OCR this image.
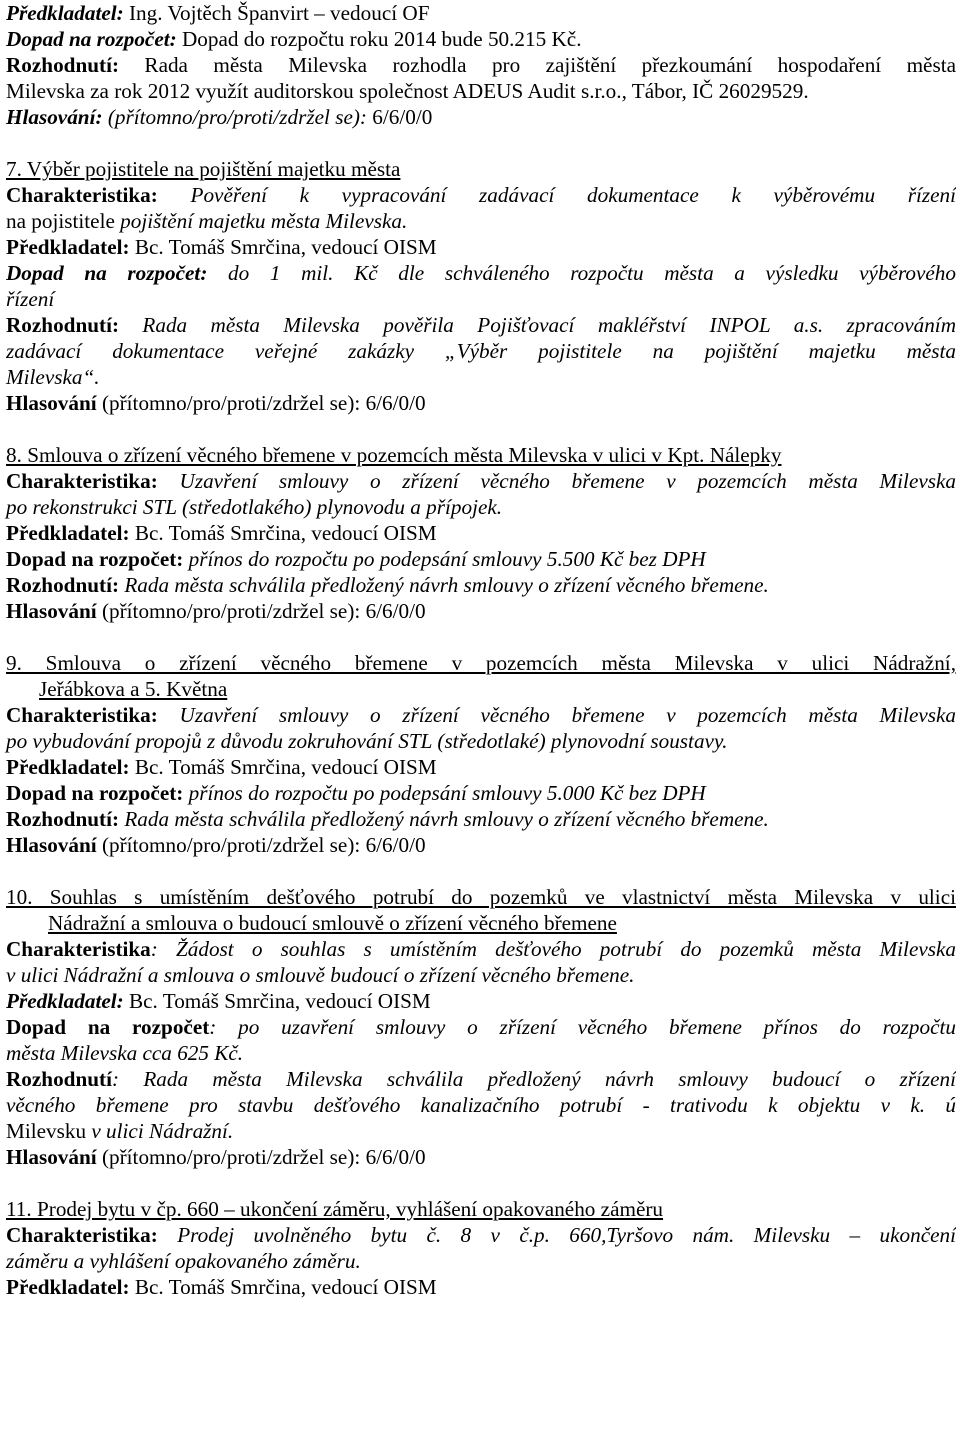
Předkladatel: Ing. Vojtěch Španvirt – vedoucí OF
Dopad na rozpočet: Dopad do rozpočtu roku 2014 bude 50.215 Kč.
Rozhodnutí: Rada města Milevska rozhodla pro zajištění přezkoumání hospodaření města
Milevska za rok 2012 využít auditorskou společnost ADEUS Audit s.r.o., Tábor, IČ 26029529.
Hlasování: (přítomno/pro/proti/zdržel se): 6/6/0/0
7. Výběr pojistitele na pojištění majetku města
Charakteristika: Pověření k vypracování zadávací dokumentace k výběrovému řízení
na pojistitele pojištění majetku města Milevska.
Předkladatel: Bc. Tomáš Smrčina, vedoucí OISM
Dopad na rozpočet: do 1 mil. Kč dle schváleného rozpočtu města a výsledku výběrového
řízení
Rozhodnutí: Rada města Milevska pověřila Pojišťovací makléřství INPOL a.s. zpracováním
zadávací dokumentace veřejné zakázky „Výběr pojistitele na pojištění majetku města
Milevska“.
Hlasování (přítomno/pro/proti/zdržel se): 6/6/0/0
8. Smlouva o zřízení věcného břemene v pozemcích města Milevska v ulici v Kpt. Nálepky
Charakteristika: Uzavření smlouvy o zřízení věcného břemene v pozemcích města Milevska
po rekonstrukci STL (středotlakého) plynovodu a přípojek.
Předkladatel: Bc. Tomáš Smrčina, vedoucí OISM
Dopad na rozpočet: přínos do rozpočtu po podepsání smlouvy 5.500 Kč bez DPH
Rozhodnutí: Rada města schválila předložený návrh smlouvy o zřízení věcného břemene.
Hlasování (přítomno/pro/proti/zdržel se): 6/6/0/0
9. Smlouva o zřízení věcného břemene v pozemcích města Milevska v ulici Nádražní,
Jeřábkova a 5. Května
Charakteristika: Uzavření smlouvy o zřízení věcného břemene v pozemcích města Milevska
po vybudování propojů z důvodu zokruhování STL (středotlaké) plynovodní soustavy.
Předkladatel: Bc. Tomáš Smrčina, vedoucí OISM
Dopad na rozpočet: přínos do rozpočtu po podepsání smlouvy 5.000 Kč bez DPH
Rozhodnutí: Rada města schválila předložený návrh smlouvy o zřízení věcného břemene.
Hlasování (přítomno/pro/proti/zdržel se): 6/6/0/0
10. Souhlas s umístěním dešťového potrubí do pozemků ve vlastnictví města Milevska v ulici
Nádražní a smlouva o budoucí smlouvě o zřízení věcného břemene
Charakteristika: Žádost o souhlas s umístěním dešťového potrubí do pozemků města Milevska
v ulici Nádražní a smlouva o smlouvě budoucí o zřízení věcného břemene.
Předkladatel: Bc. Tomáš Smrčina, vedoucí OISM
Dopad na rozpočet: po uzavření smlouvy o zřízení věcného břemene přínos do rozpočtu
města Milevska cca 625 Kč.
Rozhodnutí: Rada města Milevska schválila předložený návrh smlouvy budoucí o zřízení
věcného břemene pro stavbu dešťového kanalizačního potrubí - trativodu k objektu v k. ú
Milevsku v ulici Nádražní.
Hlasování (přítomno/pro/proti/zdržel se): 6/6/0/0
11. Prodej bytu v čp. 660 – ukončení záměru, vyhlášení opakovaného záměru
Charakteristika: Prodej uvolněného bytu č. 8 v č.p. 660,Tyršovo nám. Milevsku – ukončení
záměru a vyhlášení opakovaného záměru.
Předkladatel: Bc. Tomáš Smrčina, vedoucí OISM
